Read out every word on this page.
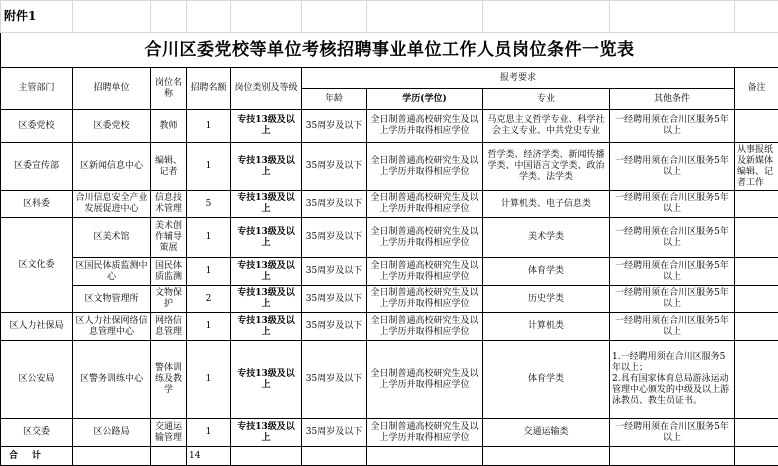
附件1									
合川区委党校等单位考核招聘事业单位工作人员岗位条件一览表									
主管部门	招聘单位	岗位名称	招聘名额	岗位类别及等级	报考要求				备注
					年龄	学历(学位)	专业	其他条件	
区委党校	区委党校	教师	1	专技13级及以上	35周岁及以下	全日制普通高校研究生及以上学历并取得相应学位	马克思主义哲学专业、科学社会主义专业、中共党史专业	一经聘用须在合川区服务5年以上	
区委宣传部	区新闻信息中心	编辑、记者	1	专技13级及以上	35周岁及以下	全日制普通高校研究生及以上学历并取得相应学位	哲学类、经济学类、新闻传播学类、中国语言文学类、政治学类、法学类	一经聘用须在合川区服务5年以上	从事报纸及新媒体编辑、记者工作
区科委	合川信息安全产业发展促进中心	信息技术管理	5	专技13级及以上	35周岁及以下	全日制普通高校研究生及以上学历并取得相应学位	计算机类、电子信息类	一经聘用须在合川区服务5年以上	
区文化委	区美术馆	美术创作辅导策展	1	专技13级及以上	35周岁及以下	全日制普通高校研究生及以上学历并取得相应学位	美术学类	一经聘用须在合川区服务5年以上	
	区国民体质监测中心	国民体质监测	1	专技13级及以上	35周岁及以下	全日制普通高校研究生及以上学历并取得相应学位	体育学类	一经聘用须在合川区服务5年以上	
	区文物管理所	文物保护	2	专技13级及以上	35周岁及以下	全日制普通高校研究生及以上学历并取得相应学位	历史学类	一经聘用须在合川区服务5年以上	
区人力社保局	区人力社保网络信息管理中心	网络信息管理	1	专技13级及以上	35周岁及以下	全日制普通高校研究生及以上学历并取得相应学位	计算机类	一经聘用须在合川区服务5年以上	
区公安局	区警务训练中心	警体训练及教学	1	专技13级及以上	35周岁及以下	全日制普通高校研究生及以上学历并取得相应学位	体育学类	1.一经聘用须在合川区服务5年以上；
2.具有国家体育总局游泳运动管理中心颁发的中级及以上游泳教员、教生员证书。	
区交委	区公路局	交通运输管理	1	专技13级及以上	35周岁及以下	全日制普通高校研究生及以上学历并取得相应学位	交通运输类	一经聘用须在合川区服务5年以上	
合计			14						
